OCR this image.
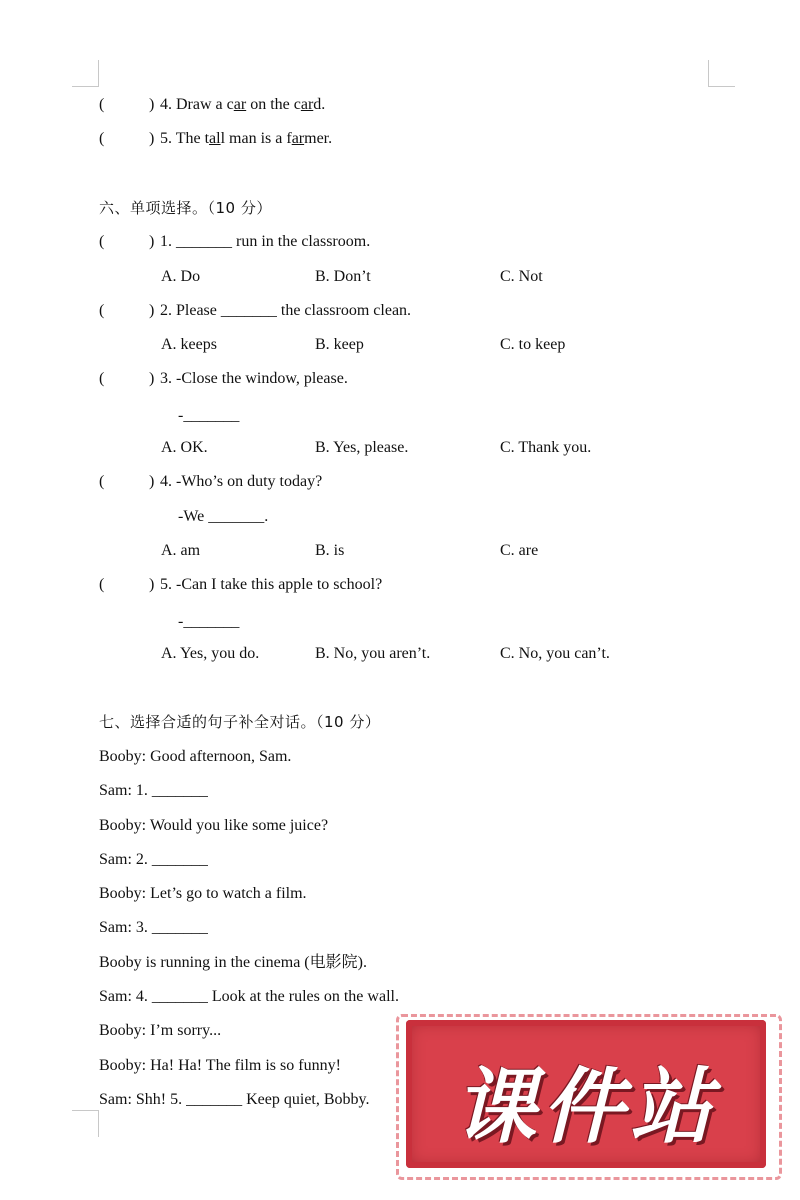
(	) 4. Draw a car on the card.
(	) 5. The tall man is a farmer.
六、单项选择。（10 分）
(	) 1. _______ run in the classroom.
A. Do	B. Don’t	C. Not
(	) 2. Please _______ the classroom clean.
A. keeps	B. keep	C. to keep
(	) 3. -Close the window, please.
-_______
A. OK.	B. Yes, please.	C. Thank you.
(	) 4. -Who’s on duty today?
-We _______.
A. am	B. is	C. are
(	) 5. -Can I take this apple to school?
-_______
A. Yes, you do.	B. No, you aren’t.	C. No, you can’t.
七、选择合适的句子补全对话。（10 分）
Booby: Good afternoon, Sam.
Sam: 1. _______
Booby: Would you like some juice?
Sam: 2. _______
Booby: Let’s go to watch a film.
Sam: 3. _______
Booby is running in the cinema (电影院).
Sam: 4. _______ Look at the rules on the wall.
Booby: I’m sorry...
Booby: Ha! Ha! The film is so funny!
Sam: Shh! 5. _______ Keep quiet, Bobby.	课件站
